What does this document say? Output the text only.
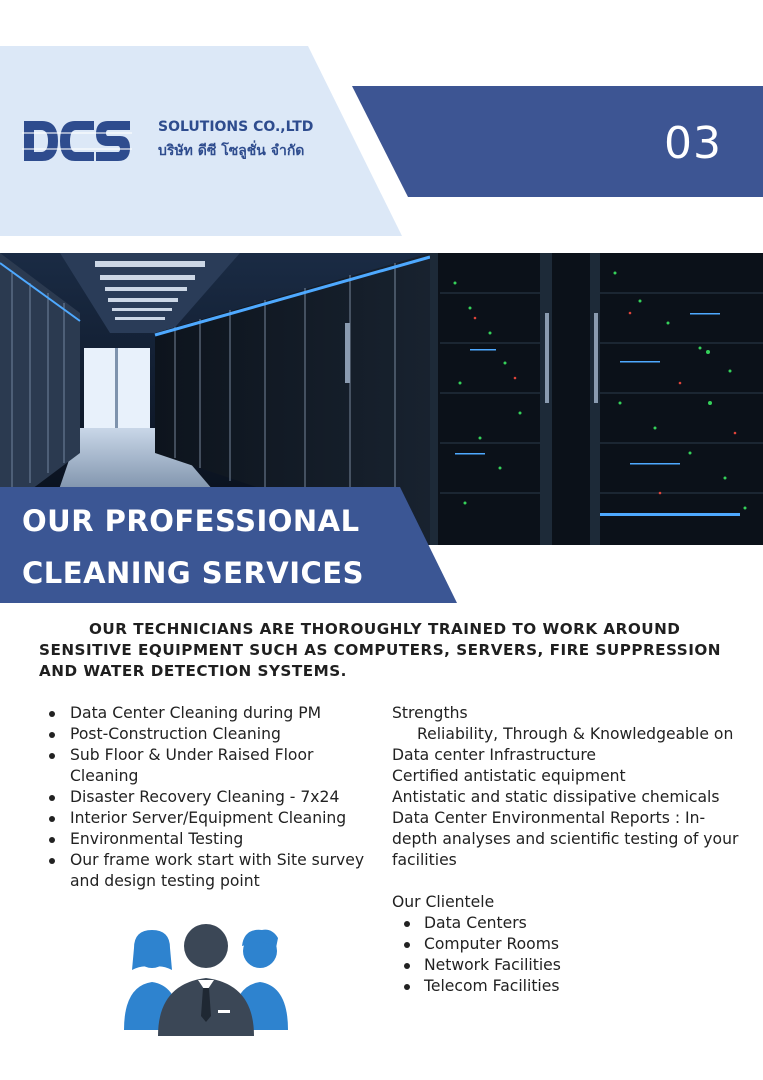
03
SOLUTIONS CO.,LTD
บริษัท ดีซี โซลูชั่น จำกัด
OUR PROFESSIONAL
CLEANING SERVICES
OUR TECHNICIANS ARE THOROUGHLY TRAINED TO WORK AROUND SENSITIVE EQUIPMENT SUCH AS COMPUTERS, SERVERS, FIRE SUPPRESSION AND WATER DETECTION SYSTEMS.
Data Center Cleaning during PM
Post-Construction Cleaning
Sub Floor & Under Raised Floor Cleaning
Disaster Recovery Cleaning - 7x24
Interior Server/Equipment Cleaning
Environmental Testing
Our frame work start with Site survey and design testing point

Strengths

Reliability, Through & Knowledgeable on Data center Infrastructure

Certified antistatic equipment

Antistatic and static dissipative chemicals

Data Center Environmental Reports : In-depth analyses and scientific testing of your facilities

Our Clientele

Data Centers
Computer Rooms
Network Facilities
Telecom Facilities
